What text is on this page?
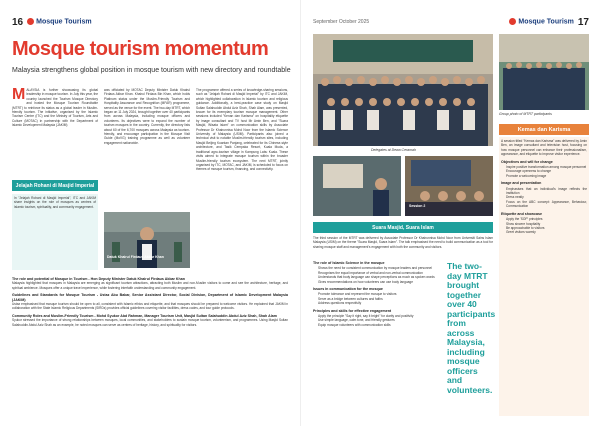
16	Mosque Tourism
Mosque tourism momentum
Malaysia strengthens global position in mosque tourism with new directory and roundtable
MALAYSIA is further showcasing its global leadership in mosque tourism. In July this year, the country launched the Tourism Mosque Directory and hosted the Mosque Tourism Roundtable (MTRT) to reinforce its status as a global leader in Muslim-friendly tourism. The initiative, organised by the Islamic Tourism Centre (ITC) and the Ministry of Tourism, Arts and Culture (MOTAC) in partnership with the Department of Islamic Development Malaysia (JAKIM)
was officiated by MOTAC Deputy Minister Datuk Khairul Firdaus Akbar Khan. Khairul Firdaus Bin Khan, which holds Platinum status under the Muslim-Friendly Tourism and Hospitality Assurance and Recognition (MFAR) programme, served as the venue for the event. The two-day MTRT, which began on 11 July 2024, brought together over 40 participants from across Malaysia, including mosque officers and volunteers. Its objectives were to expand the number of tourism mosques in the country. Currently, the directory lists about 60 of the 6,700 mosques across Malaysia as tourism-friendly, and encourage participation in the Mosque Visit Guide (MoVG) training programme as well as volunteer engagement nationwide.
Datuk Khairul Firdaus Akbar Khan
The programme offered a series of knowledge-sharing sessions, such as "Jelajah Rohani di Masjid Imperial" by ITC and JAKIM, which highlighted collaboration in Islamic tourism and religious guidance. Additionally, a best-practice case study on Masjid Sultan Salahuddin Abdul Aziz Shah, Shah Alam, was presented, known for its exemplary tourism mosque management. Other sessions included "Kenan dan Karisma" on hospitality etiquette by image consultant and TV host Mr Amin Ben, and "Suara Masjid, Wisata Islam" on communication skills by Associate Professor Dr Khairunnisa Mohd Noor from the Islamic Science University of Malaysia (USIM). Participants also joined a technical visit to notable Muslim-friendly tourism sites, including Masjid Beijing Kuantan Panjang, celebrated for its Chinese-style architecture, and Tasik Cempaka Resort, Kuala Muda, a traditional agro-tourism village in Kampung Labu Kuala. These visits aimed to integrate mosque tourism within the broader Muslim-friendly tourism ecosystem. The next MTRT, jointly organised by ITC, MOTAC, and JAKIM, is scheduled to focus on themes of mosque tourism, financing, and connectivity.
Jelajah Rohani di Masjid Imperial
In "Jelajah Rohani di Masjid Imperial", ITC and JAKIM share insights on the role of mosques as centres of Islamic tourism, spirituality, and community engagement.
The role and potential of Mosque in Tourism - Hon Deputy Minister Datuk Khairul Firdaus Akbar Khan
Malaysia highlighted that mosques in Malaysia are emerging as significant tourism attractions, attracting both Muslim and non-Muslim visitors to come and see the architecture, heritage, and spiritual ambience. Mosques offer a unique travel experience, while fostering interfaith understanding and community engagement.
Guidelines and Standards for Mosque Tourism - Ustaz Abu Bakar, Senior Assistant Director, Social Division, Department of Islamic Development Malaysia (JAKIM)
Ustaz emphasised that mosque tourism should be open to all, consistent with Islamic ethics and etiquette, and that mosques should be prepared to welcome visitors. He explained that JAKIM in collaboration with the State Islamic Religious Departments (SIRDs) provides official guidelines covering visitor facilities, dress codes, and tour guide protocols.
Community Roles and Muslim-Friendly Tourism - Mohd Syukor Abd Rahman, Manager Tourism Unit, Masjid Sultan Salahuddin Abdul Aziz Shah, Shah Alam
Syukor stressed the importance of strong relationships between mosques, local communities, and stakeholders to sustain mosque tourism, volunteerism, and programmes. Using Masjid Sultan Salahuddin Abdul Aziz Shah as an example, he noted mosques can serve as centres of heritage, history, and spirituality for visitors.
September October 2025	Mosque Tourism 17
Group photo of MTRT participants
Delegates at Dewa Ceramah
Session 2
Kemas dan Karisma
A session titled "Kemas dan Karisma" was delivered by Amin Ben, an image consultant and television host, focusing on how mosque personnel can enhance their professionalism, appearance, and etiquette to improve visitor experience.
Objectives and will for change
• Inspire positive transformation among mosque personnel
• Encourage openness to change
• Promote a welcoming image
Image and presentation
• Emphasises that an individual's image reflects the institution
• Dress neatly
• Focus on the ABC concept: Appearance, Behaviour, Communication
Etiquette and showcase
• Apply the 'SOP' principles
• Show sincere hospitality
• Be approachable to visitors
• Greet visitors warmly
Suara Masjid, Suara Islam
The third session of the MTRT was delivered by Associate Professor Dr Khairunnisa Mohd Noor from Universiti Sains Islam Malaysia (USIM) on the theme "Suara Masjid, Suara Islam". The talk emphasised the need to build communication as a tool for sharing mosque staff and management's engagement with both the community and visitors.
The role of Islamic Science in the mosque
• Shows the need for consistent communication by mosque leaders and personnel
• Recognises the equal importance of verbal and non-verbal communication
• Understands that body language can shape perceptions as much as spoken words
• Gives recommendations on how volunteers can use body language
Issues in communication for the mosque
• Promote tolerance and represent the mosque to visitors
• Serve as a bridge between cultures and faiths
• Address questions respectfully
Principles and skills for effective engagement
• Apply the principle "Say it right, say it bright" for clarity and positivity
• Use simple language, calm tone, and friendly gestures
• Equip mosque volunteers with communication skills
The two-day MTRT brought together over 40 participants from across Malaysia, including mosque officers and volunteers.
